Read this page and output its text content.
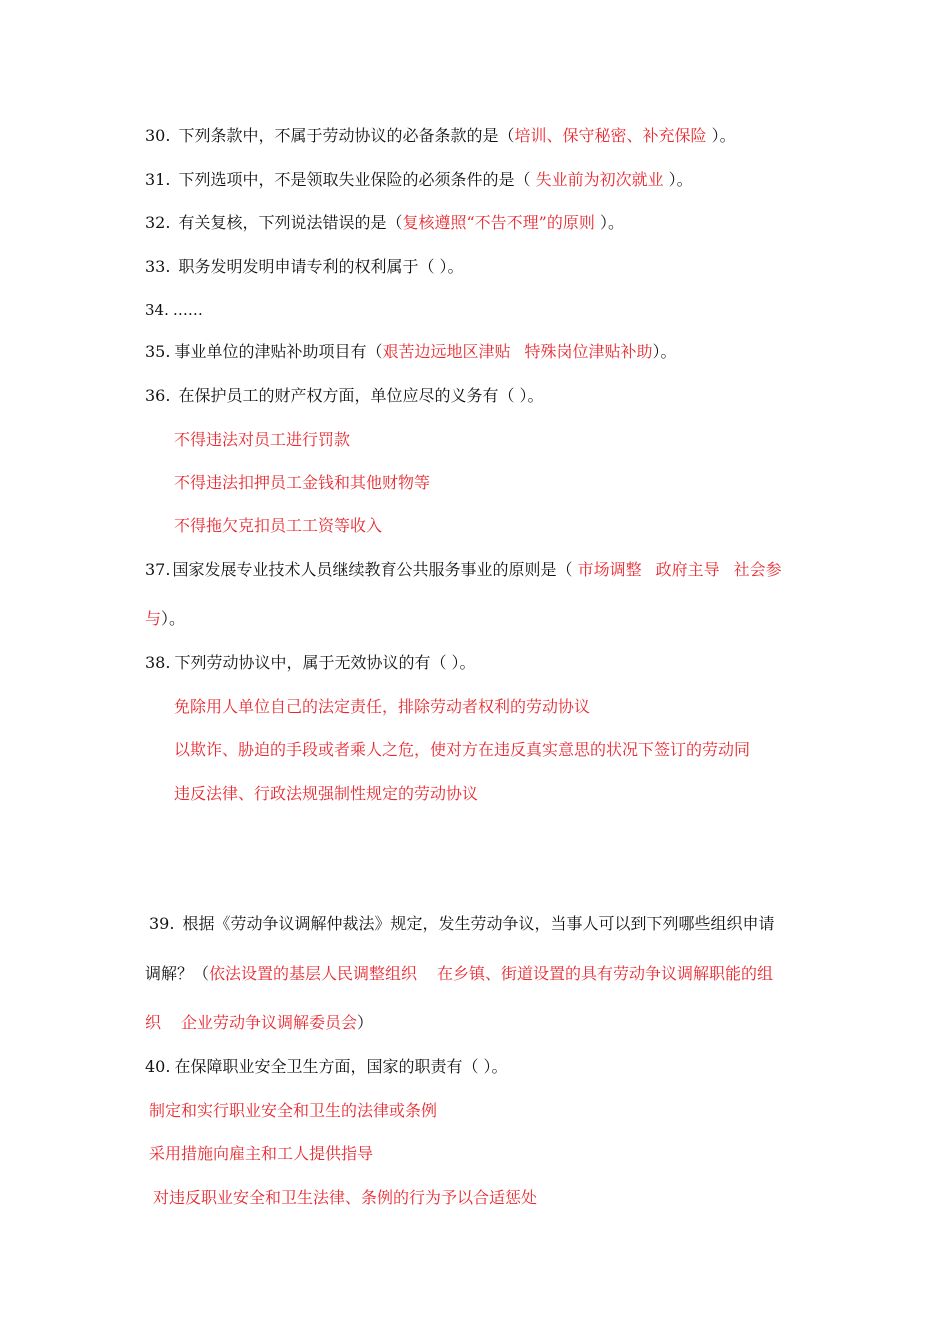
30. 下列条款中，不属于劳动协议的必备条款的是（培训、保守秘密、补充保险 ）。
31. 下列选项中，不是领取失业保险的必须条件的是（ 失业前为初次就业 ）。
32. 有关复核，下列说法错误的是（复核遵照“不告不理”的原则 ）。
33. 职务发明发明申请专利的权利属于（ ）。
34. ……
35. 事业单位的津贴补助项目有（艰苦边远地区津贴 特殊岗位津贴补助）。
36. 在保护员工的财产权方面，单位应尽的义务有（ ）。
不得违法对员工进行罚款
不得违法扣押员工金钱和其他财物等
不得拖欠克扣员工工资等收入
37. 国家发展专业技术人员继续教育公共服务事业的原则是（ 市场调整 政府主导 社会参
与）。
38. 下列劳动协议中，属于无效协议的有（ ）。
免除用人单位自己的法定责任，排除劳动者权利的劳动协议
以欺诈、胁迫的手段或者乘人之危，使对方在违反真实意思的状况下签订的劳动同
违反法律、行政法规强制性规定的劳动协议
39. 根据《劳动争议调解仲裁法》规定，发生劳动争议，当事人可以到下列哪些组织申请
调解？（依法设置的基层人民调整组织 在乡镇、街道设置的具有劳动争议调解职能的组
织 企业劳动争议调解委员会）
40. 在保障职业安全卫生方面，国家的职责有（ ）。
制定和实行职业安全和卫生的法律或条例
采用措施向雇主和工人提供指导
对违反职业安全和卫生法律、条例的行为予以合适惩处
